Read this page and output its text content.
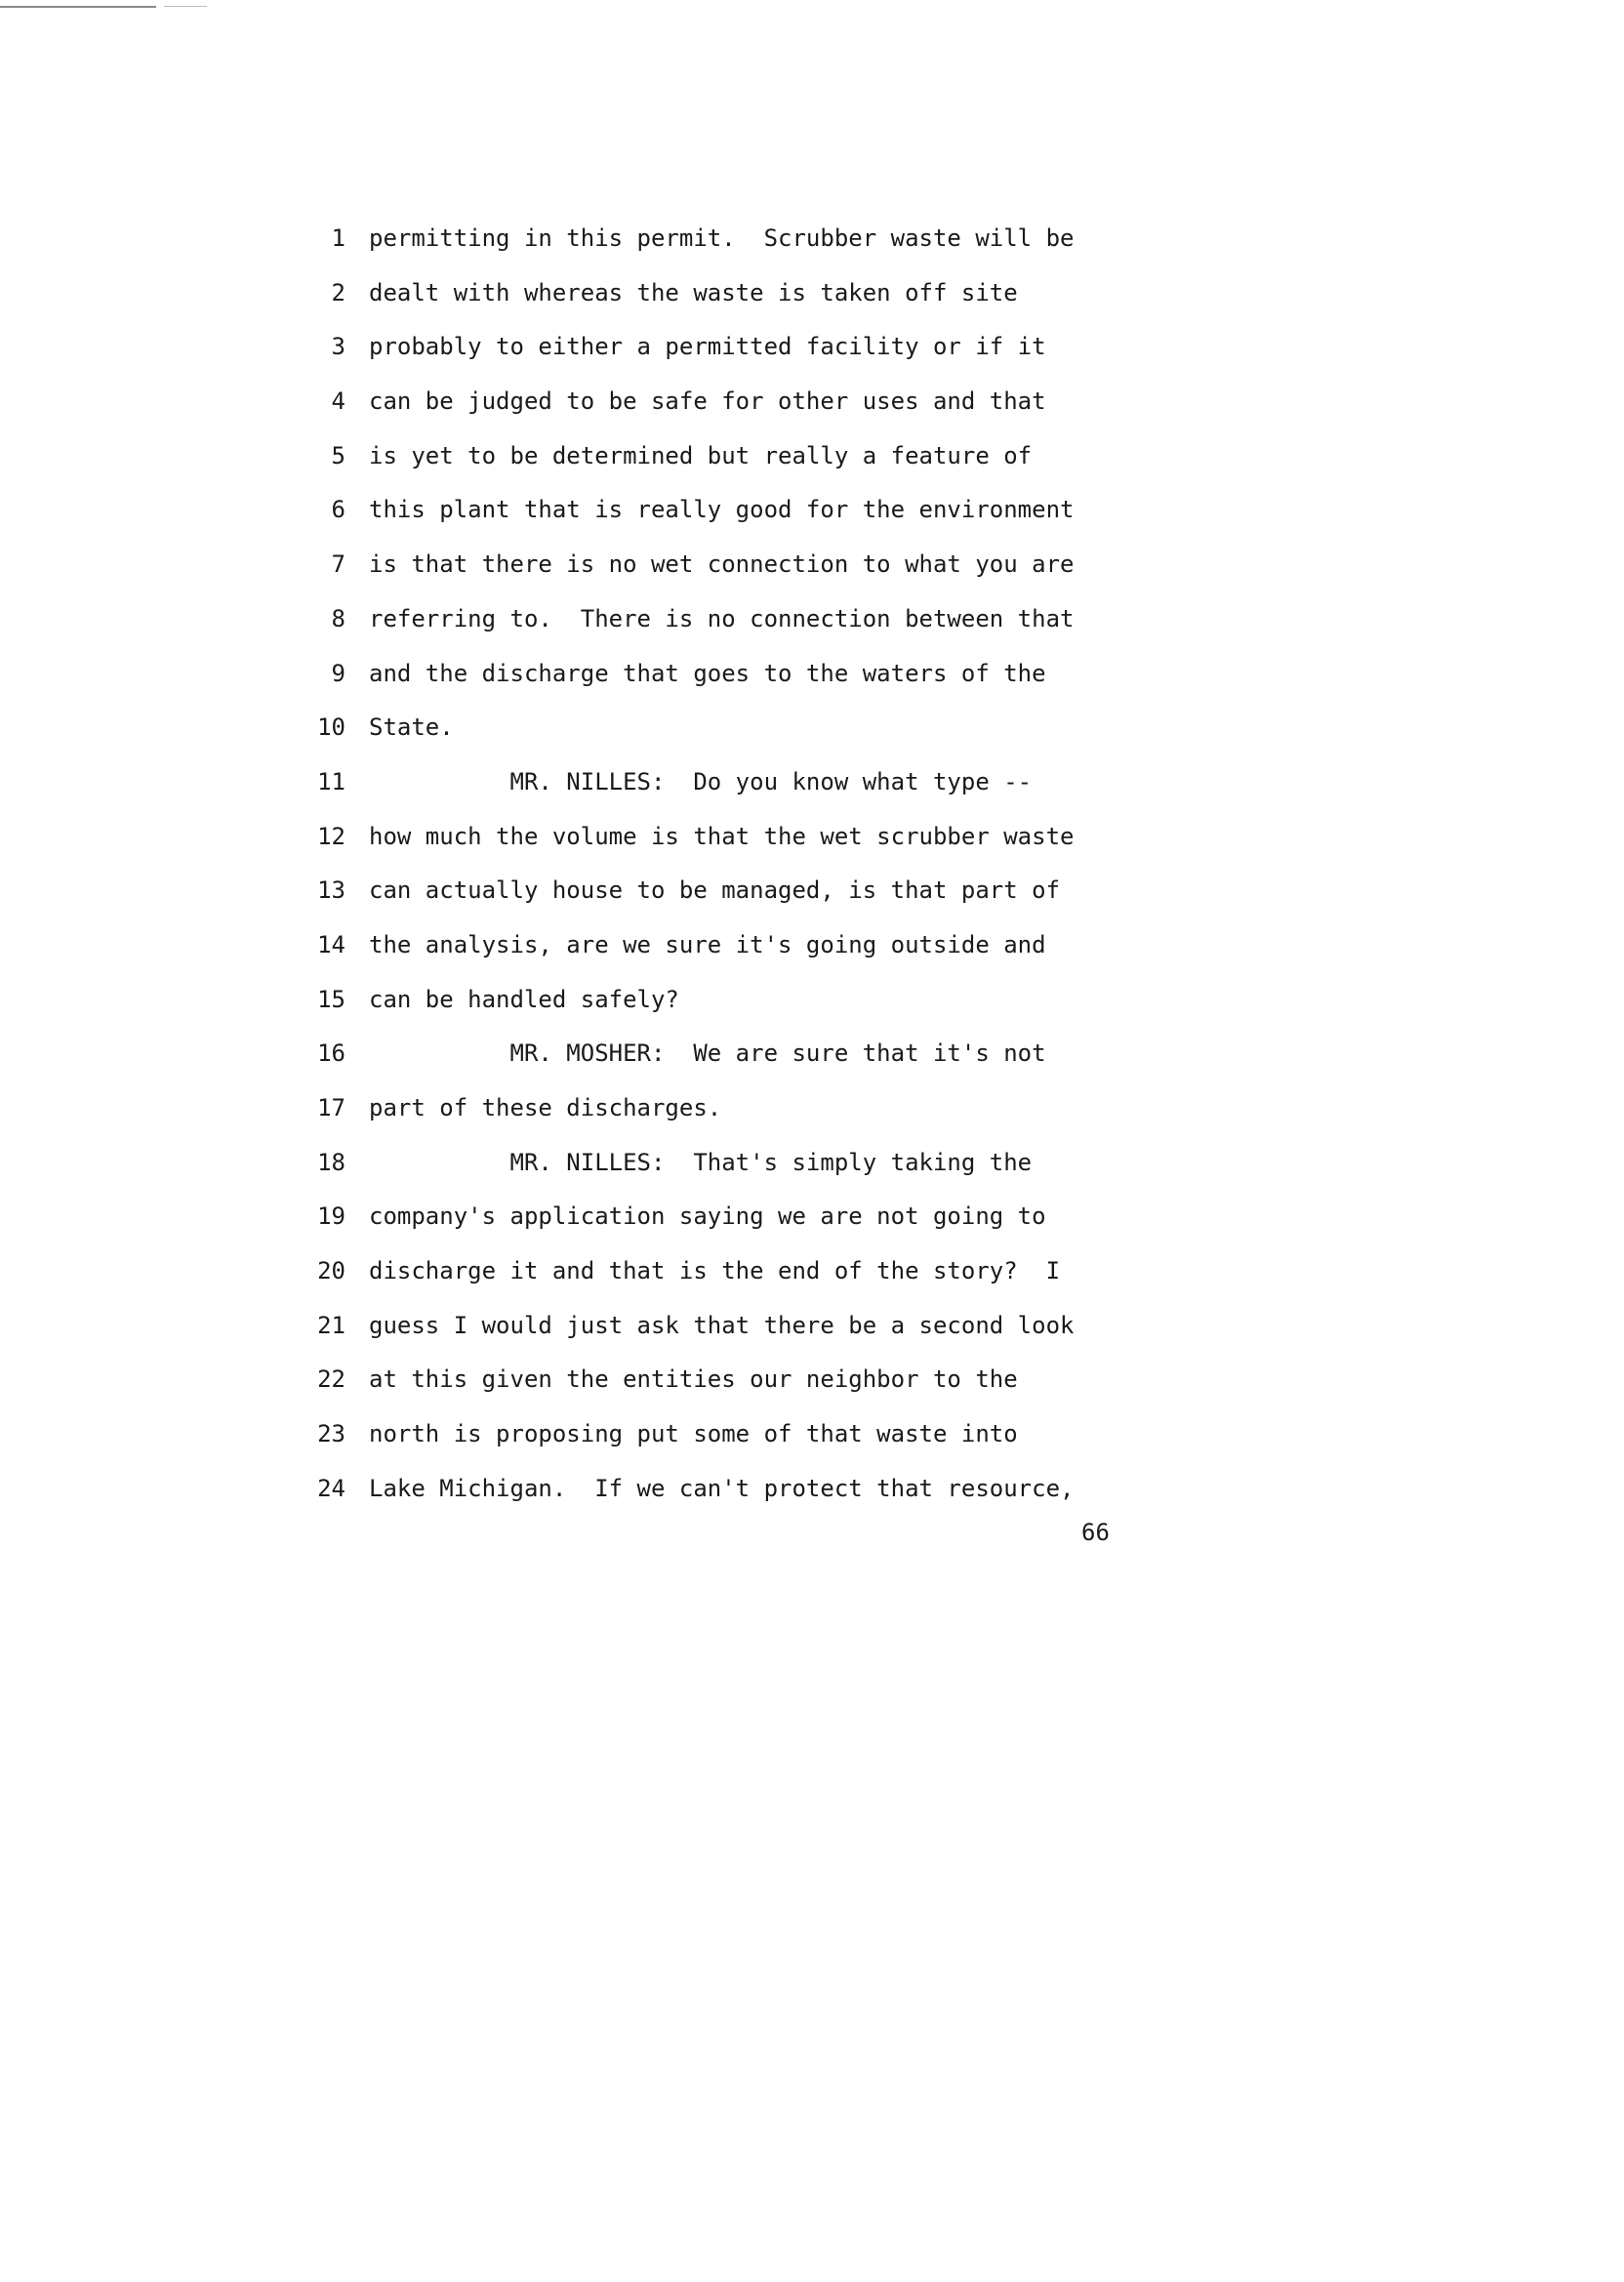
1 permitting in this permit.  Scrubber waste will be
2 dealt with whereas the waste is taken off site
3 probably to either a permitted facility or if it
4 can be judged to be safe for other uses and that
5 is yet to be determined but really a feature of
6 this plant that is really good for the environment
7 is that there is no wet connection to what you are
8 referring to.  There is no connection between that
9 and the discharge that goes to the waters of the
10 State.
11 MR. NILLES:  Do you know what type --
12 how much the volume is that the wet scrubber waste
13 can actually house to be managed, is that part of
14 the analysis, are we sure it's going outside and
15 can be handled safely?
16 MR. MOSHER:  We are sure that it's not
17 part of these discharges.
18 MR. NILLES:  That's simply taking the
19 company's application saying we are not going to
20 discharge it and that is the end of the story?  I
21 guess I would just ask that there be a second look
22 at this given the entities our neighbor to the
23 north is proposing put some of that waste into
24 Lake Michigan.  If we can't protect that resource,
66
